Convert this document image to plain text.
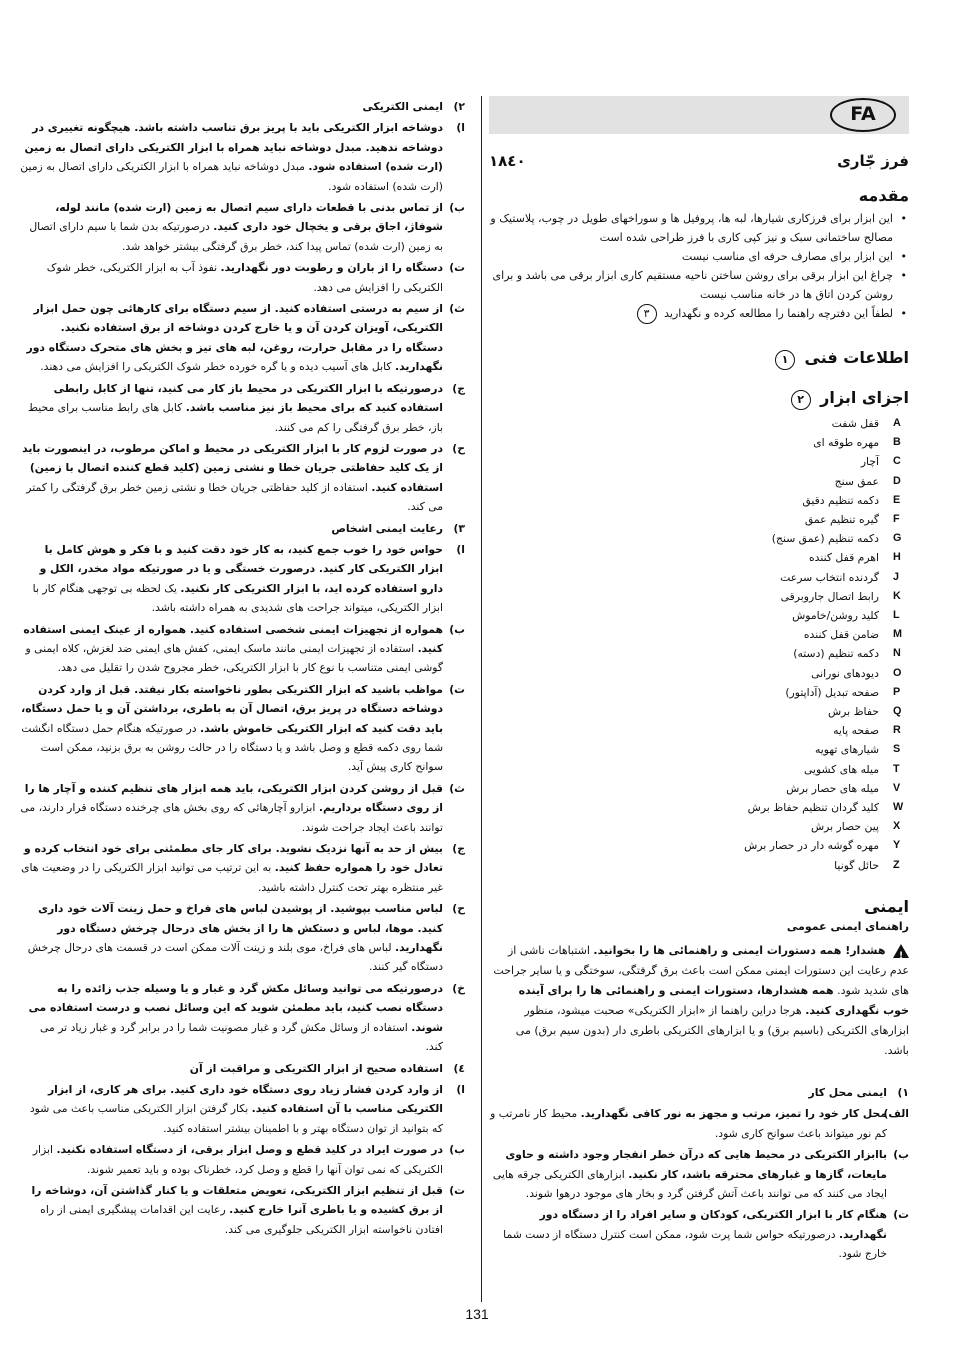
FA
فرز جّاری
۱۸٤۰
مقدمه
• این ابزار برای فرزکاری شیارها، لبه ها، پروفیل ها و سوراخهای طویل در چوب، پلاستیک و مصالح ساختمانی سبک و نیز کپی کاری با فرز طراحی شده است
• این ابزار برای مصارف حرفه ای مناسب نیست
• چراغ این ابزار برقی برای روشن ساختن ناحیه مستقیم کاری ابزار برقی می باشد و برای روشن کردن اتاق ها در خانه مناسب نیست
• لطفاً این دفترچه راهنما را مطالعه کرده و نگهدارید ۳
اطلاعات فنی ۱
اجزای ابزار ۲
A
قفل شفت
B
مهره طوقه ای
C
آچار
D
عمق سنج
E
دکمه تنظیم دقیق
F
گیره تنظیم عمق
G
دکمه تنظیم (عمق سنج)
H
اهرم قفل کننده
J
گردنده انتخاب سرعت
K
رابط اتصال جاروبرقی
L
کلید روشن/خاموش
M
ضامن قفل کننده
N
دکمه تنظیم (دسته)
O
دیودهای نورانی
P
صفحه تبدیل (آداپتور)
Q
حفاظ برش
R
صفحه پایه
S
شیارهای تهویه
T
میله های کشویی
V
میله های حصار برش
W
کلید گردان تنظیم حفاظ برش
X
پین حصار برش
Y
مهره گوشه دار در حصار برش
Z
حائل گونیا
ایمنی
راهنمای ایمنی عمومی

! هشدار! همه دستورات ایمنی و راهنمائی ها را بخوانید. اشتباهات ناشی از عدم رعایت این دستورات ایمنی ممکن است باعث برق گرفتگی، سوختگی و یا سایر جراحت های شدید شود. همه هشدارها، دستورات ایمنی و راهنمائی ها را برای آینده خوب نگهداری کنید. هرجا دراین راهنما از «ابزار الکتریکی» صحبت میشود، منظور ابزارهای الکتریکی (باسیم برق) و یا ابزارهای الکتریکی باطری دار (بدون سیم برق) می باشد.

۱)
ایمنی محل کار
الف)
محل کار خود را تمیز، مرتب و مجهز به نور کافی نگهدارید. محیط کار نامرتب و کم نور میتواند باعث سوانح کاری شود.
ب)
باابزار الکتریکی در محیط هایی که درآن خطر انفجار وجود داشته و حاوی مایعات، گازها و غبارهای محترقه باشد، کار نکنید. ابزارهای الکتریکی جرقه هایی ایجاد می کنند که می توانند باعث آتش گرفتن گرد و بخار های موجود درهوا شوند.
ت)
هنگام کار با ابزار الکتریکی، کودکان و سایر افراد را از دستگاه دور نگهدارید. درصورتیکه حواس شما پرت شود، ممکن است کنترل دستگاه از دست شما خارج شود.
۲)
ایمنی الکتریکی
ا)
دوشاخه ابزار الکتریکی باید با پریز برق تناسب داشته باشد. هیچگونه تغییری در دوشاخه ندهید. مبدل دوشاخه نباید همراه با ابزار الکتریکی دارای اتصال به زمین (ارت شده) استفاده شود. مبدل دوشاخه نباید همراه با ابزار الکتریکی دارای اتصال به زمین (ارت شده) استفاده شود.
ب)
از تماس بدنی با قطعات دارای سیم اتصال به زمین (ارت شده) مانند لوله، شوفاژ، اجاق برقی و یخچال خود داری کنید. درصورتیکه بدن شما با سیم دارای اتصال به زمین (ارت شده) تماس پیدا کند، خطر برق گرفتگی بیشتر خواهد شد.
ت)
دستگاه را از باران و رطوبت دور نگهدارید. نفوذ آب به ابزار الکتریکی، خطر شوک الکتریکی را افزایش می دهد.
ث)
از سیم به درستی استفاده کنید. از سیم دستگاه برای کارهائی چون حمل ابزار الکتریکی، آویزان کردن آن و یا خارج کردن دوشاخه از برق استفاده نکنید. دستگاه را در مقابل حرارت، روغن، لبه های تیز و بخش های متحرک دستگاه دور نگهدارید. کابل های آسیب دیده و یا گره خورده خطر شوک الکتریکی را افزایش می دهند.
ج)
درصورتیکه با ابزار الکتریکی در محیط باز کار می کنید، تنها از کابل رابطی استفاده کنید که برای محیط باز نیز مناسب باشد. کابل های رابط مناسب برای محیط باز، خطر برق گرفتگی را کم می کنند.
ح)
در صورت لزوم کار با ابزار الکتریکی در محیط و اماکن مرطوب، در اینصورت باید از یک کلید حفاظتی جریان خطا و نشتی زمین (کلید قطع کننده اتصال با زمین) استفاده کنید. استفاده از کلید حفاظتی جریان خطا و نشتی زمین خطر برق گرفتگی را کمتر می کند.
۳)
رعایت ایمنی اشخاص
ا)
حواس خود را خوب جمع کنید، به کار خود دقت کنید و با فکر و هوش کامل با ابزار الکتریکی کار کنید. درصورت خستگی و یا در صورتیکه مواد مخدر، الکل و دارو استفاده کرده اید، با ابزار الکتریکی کار نکنید. یک لحظه بی توجهی هنگام کار با ابزار الکتریکی، میتواند جراحت های شدیدی به همراه داشته باشد.
ب)
همواره از تجهیزات ایمنی شخصی استفاده کنید. همواره از عینک ایمنی استفاده کنید. استفاده از تجهیزات ایمنی مانند ماسک ایمنی، کفش های ایمنی ضد لغزش، کلاه ایمنی و گوشی ایمنی متناسب با نوع کار با ابزار الکتریکی، خطر مجروح شدن را تقلیل می دهد.
ت)
مواظب باشید که ابزار الکتریکی بطور ناخواسته بکار نیفتد. قبل از وارد کردن دوشاخه دستگاه در پریز برق، اتصال آن به باطری، برداشتن آن و یا حمل دستگاه، باید دقت کنید که ابزار الکتریکی خاموش باشد. در صورتیکه هنگام حمل دستگاه انگشت شما روی دکمه قطع و وصل باشد و یا دستگاه را در حالت روشن به برق بزنید، ممکن است سوانح کاری پیش آید.
ث)
قبل از روشن کردن ابزار الکتریکی، باید همه ابزار های تنظیم کننده و آچار ها را از روی دستگاه برداریم. ابزارو آچارهائی که روی بخش های چرخنده دستگاه قرار دارند، می توانند باعث ایجاد جراحت شوند.
ج)
بیش از حد به آنها نزدیک نشوید. برای کار جای مطمئنی برای خود انتخاب کرده و تعادل خود را همواره حفظ کنید. به این ترتیب می توانید ابزار الکتریکی را در وضعیت های غیر منتظره بهتر تحت کنترل داشته باشید.
ح)
لباس مناسب بپوشید. از پوشیدن لباس های فراخ و حمل زینت آلات خود داری کنید. موها، لباس و دستکش ها را از بخش های درحال چرخش دستگاه دور نگهدارید. لباس های فراخ، موی بلند و زینت آلات ممکن است در قسمت های درحال چرخش دستگاه گیر کنند.
خ)
درصورتیکه می توانید وسائل مکش گرد و غبار و یا وسیله جذب زائده را به دستگاه نصب کنید، باید مطمئن شوید که این وسائل نصب و درست استفاده می شوند. استفاده از وسائل مکش گرد و غبار مصونیت شما را در برابر گرد و غبار زیاد تر می کند.
٤)
استفاده صحیح از ابزار الکتریکی و مراقبت از آن
ا)
از وارد کردن فشار زیاد روی دستگاه خود داری کنید. برای هر کاری، از ابزار الکتریکی مناسب با آن استفاده کنید. بکار گرفتن ابزار الکتریکی مناسب باعث می شود که بتوانید از توان دستگاه بهتر و با اطمینان بیشتر استفاده کنید.
ب)
در صورت ایراد در کلید قطع و وصل ابزار برقی، از دستگاه استفاده نکنید. ابزار الکتریکی که نمی توان آنها را قطع و وصل کرد، خطرناک بوده و باید تعمیر شوند.
ت)
قبل از تنظیم ابزار الکتریکی، تعویض متعلقات و یا کنار گذاشتن آن، دوشاخه را از برق کشیده و یا باطری آنرا خارج کنید. رعایت این اقدامات پیشگیری ایمنی از راه افتادن ناخواسته ابزار الکتریکی جلوگیری می کند.
131
